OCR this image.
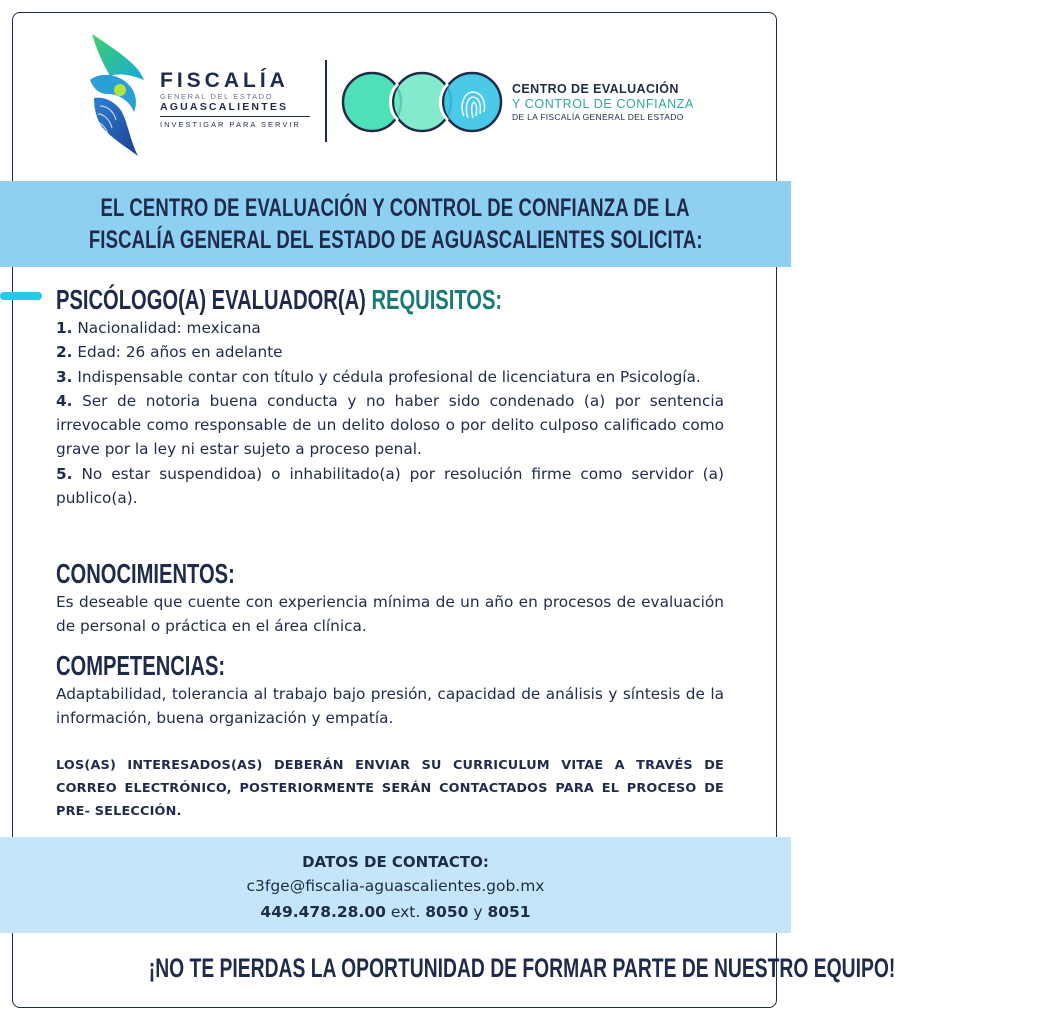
FISCALÍA
GENERAL DEL ESTADO
AGUASCALIENTES
INVESTIGAR PARA SERVIR
CENTRO DE EVALUACIÓN
Y CONTROL DE CONFIANZA
DE LA FISCALÍA GENERAL DEL ESTADO
EL CENTRO DE EVALUACIÓN Y CONTROL DE CONFIANZA DE LA
FISCALÍA GENERAL DEL ESTADO DE AGUASCALIENTES SOLICITA:
PSICÓLOGO(A) EVALUADOR(A) REQUISITOS:

1. Nacionalidad: mexicana

2. Edad: 26 años en adelante

3. Indispensable contar con título y cédula profesional de licenciatura en Psicología.

4. Ser de notoria buena conducta y no haber sido condenado (a) por sentencia irrevocable como responsable de un delito doloso o por delito culposo calificado como grave por la ley ni estar sujeto a proceso penal.

5. No estar suspendidoa) o inhabilitado(a) por resolución firme como servidor (a) publico(a).

CONOCIMIENTOS:
Es deseable que cuente con experiencia mínima de un año en procesos de evaluación de personal o práctica en el área clínica.
COMPETENCIAS:
Adaptabilidad, tolerancia al trabajo bajo presión, capacidad de análisis y síntesis de la información, buena organización y empatía.
LOS(AS) INTERESADOS(AS) DEBERÁN ENVIAR SU CURRICULUM VITAE A TRAVÉS DE CORREO ELECTRÓNICO, POSTERIORMENTE SERÁN CONTACTADOS PARA EL PROCESO DE PRE- SELECCIÓN.
DATOS DE CONTACTO:
c3fge@fiscalia-aguascalientes.gob.mx
449.478.28.00 ext. 8050 y 8051
¡NO TE PIERDAS LA OPORTUNIDAD DE FORMAR PARTE DE NUESTRO EQUIPO!
